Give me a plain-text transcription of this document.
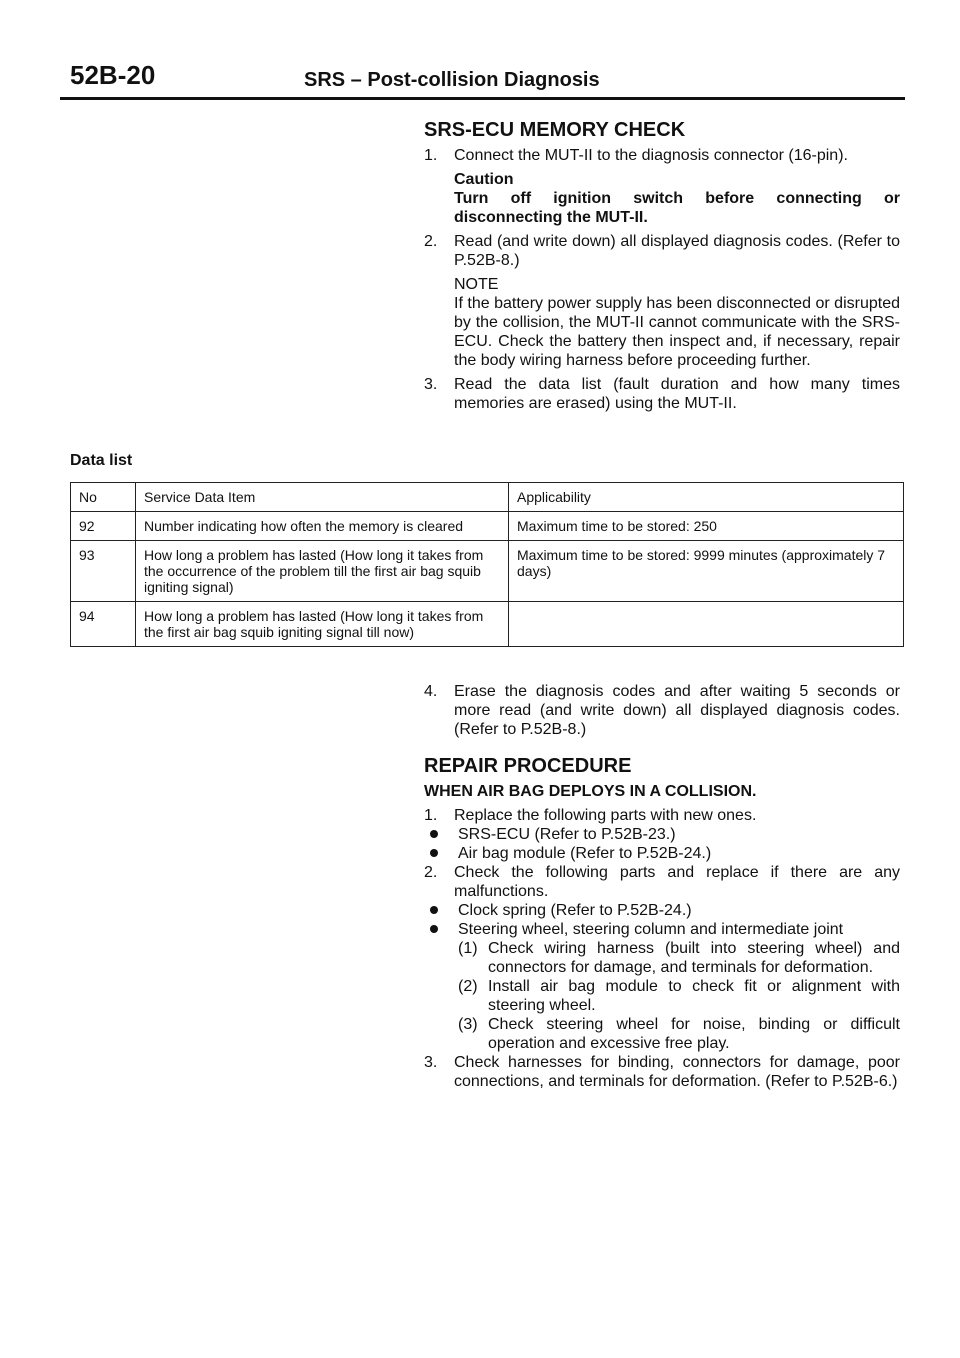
52B-20	SRS – Post-collision Diagnosis
SRS-ECU MEMORY CHECK
1. Connect the MUT-II to the diagnosis connector (16-pin).
Caution
Turn off ignition switch before connecting or disconnecting the MUT-II.
2. Read (and write down) all displayed diagnosis codes. (Refer to P.52B-8.)
NOTE
If the battery power supply has been disconnected or disrupted by the collision, the MUT-II cannot communicate with the SRS-ECU. Check the battery then inspect and, if necessary, repair the body wiring harness before proceeding further.
3. Read the data list (fault duration and how many times memories are erased) using the MUT-II.
Data list
No	Service Data Item	Applicability
92	Number indicating how often the memory is cleared	Maximum time to be stored: 250
93	How long a problem has lasted (How long it takes from the occurrence of the problem till the first air bag squib igniting signal)	Maximum time to be stored: 9999 minutes (approximately 7 days)
94	How long a problem has lasted (How long it takes from the first air bag squib igniting signal till now)	
4. Erase the diagnosis codes and after waiting 5 seconds or more read (and write down) all displayed diagnosis codes. (Refer to P.52B-8.)
REPAIR PROCEDURE
WHEN AIR BAG DEPLOYS IN A COLLISION.
1. Replace the following parts with new ones.
SRS-ECU (Refer to P.52B-23.)
Air bag module (Refer to P.52B-24.)
2. Check the following parts and replace if there are any malfunctions.
Clock spring (Refer to P.52B-24.)
Steering wheel, steering column and intermediate joint
(1) Check wiring harness (built into steering wheel) and connectors for damage, and terminals for deformation.
(2) Install air bag module to check fit or alignment with steering wheel.
(3) Check steering wheel for noise, binding or difficult operation and excessive free play.
3. Check harnesses for binding, connectors for damage, poor connections, and terminals for deformation. (Refer to P.52B-6.)
